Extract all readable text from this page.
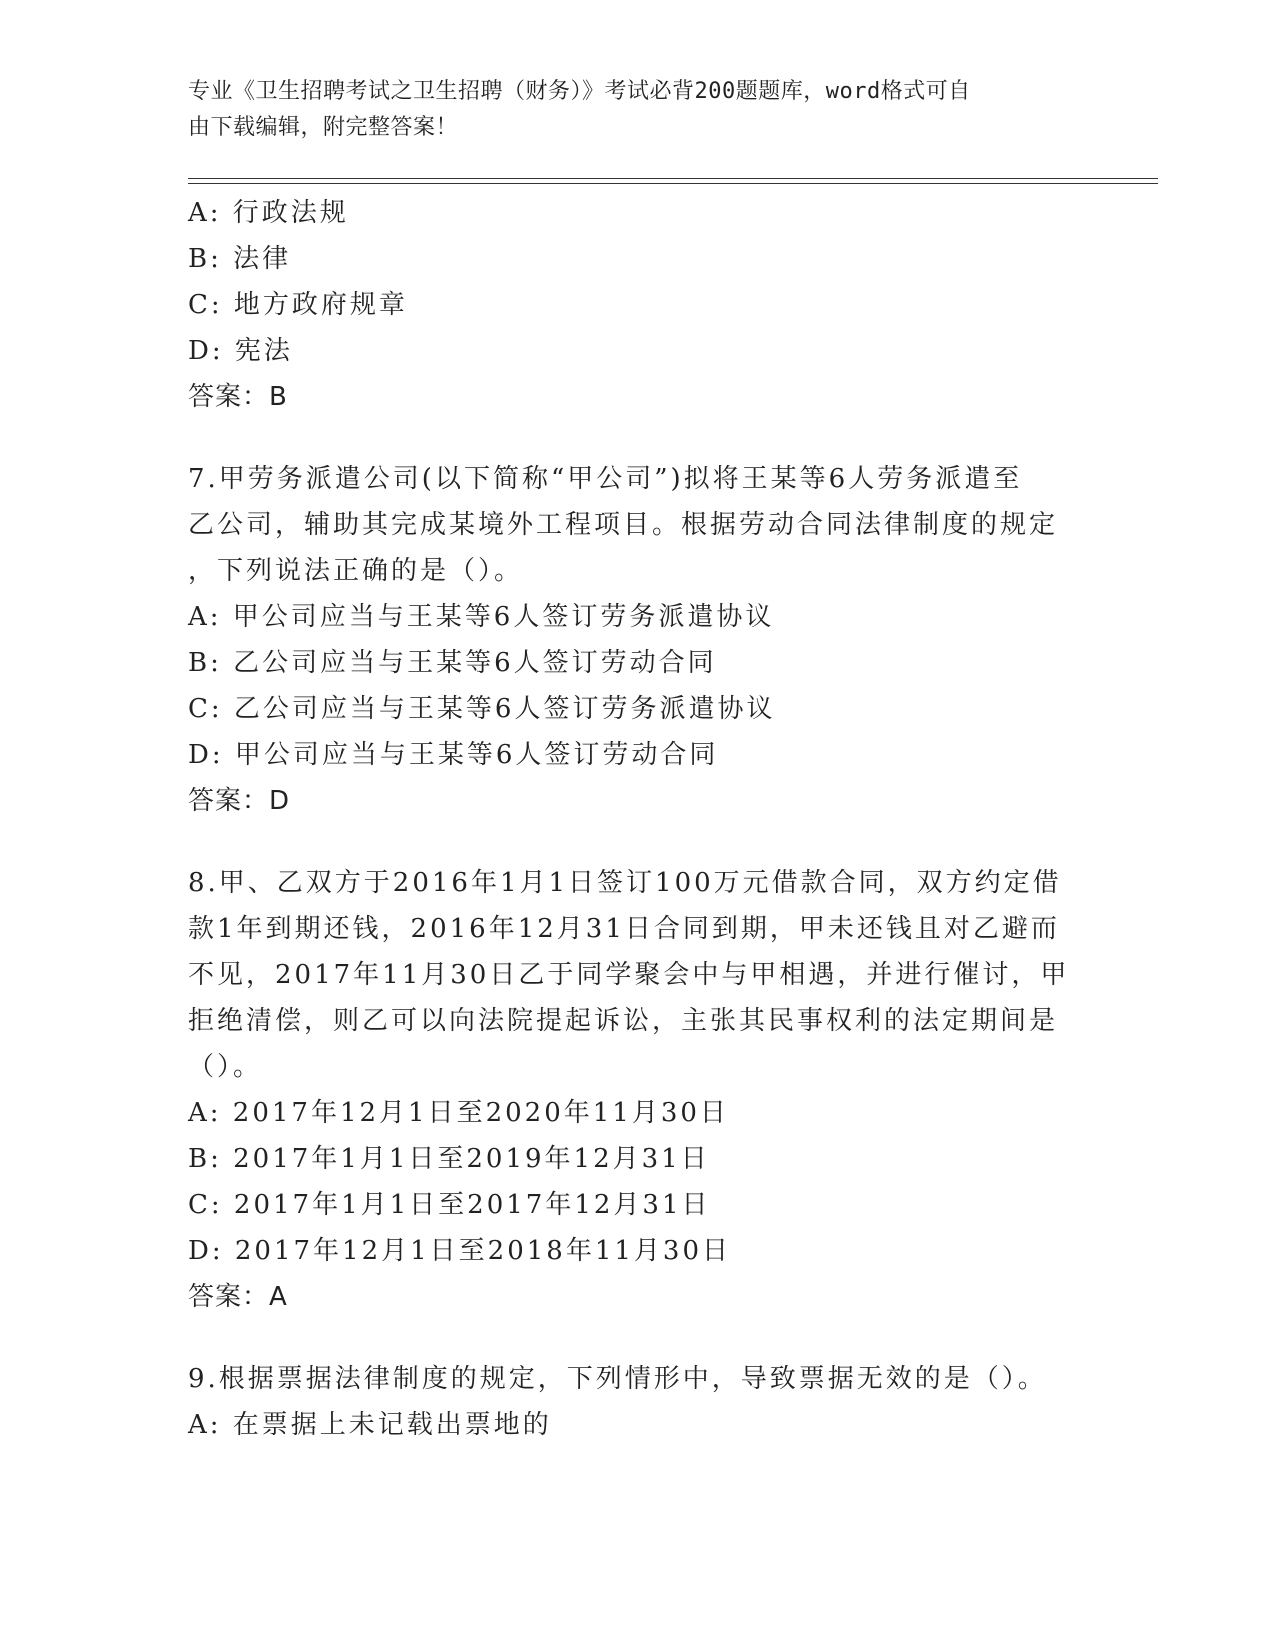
专业《卫生招聘考试之卫生招聘（财务）》考试必背200题题库，word格式可自
由下载编辑，附完整答案！
A: 行政法规
B: 法律
C: 地方政府规章
D: 宪法
答案：B
7.甲劳务派遣公司(以下简称“甲公司”)拟将王某等6人劳务派遣至
乙公司，辅助其完成某境外工程项目。根据劳动合同法律制度的规定
，下列说法正确的是（）。
A: 甲公司应当与王某等6人签订劳务派遣协议
B: 乙公司应当与王某等6人签订劳动合同
C: 乙公司应当与王某等6人签订劳务派遣协议
D: 甲公司应当与王某等6人签订劳动合同
答案：D
8.甲、乙双方于2016年1月1日签订100万元借款合同，双方约定借
款1年到期还钱，2016年12月31日合同到期，甲未还钱且对乙避而
不见，2017年11月30日乙于同学聚会中与甲相遇，并进行催讨，甲
拒绝清偿，则乙可以向法院提起诉讼，主张其民事权利的法定期间是
（）。
A: 2017年12月1日至2020年11月30日
B: 2017年1月1日至2019年12月31日
C: 2017年1月1日至2017年12月31日
D: 2017年12月1日至2018年11月30日
答案：A
9.根据票据法律制度的规定，下列情形中，导致票据无效的是（）。
A: 在票据上未记载出票地的
